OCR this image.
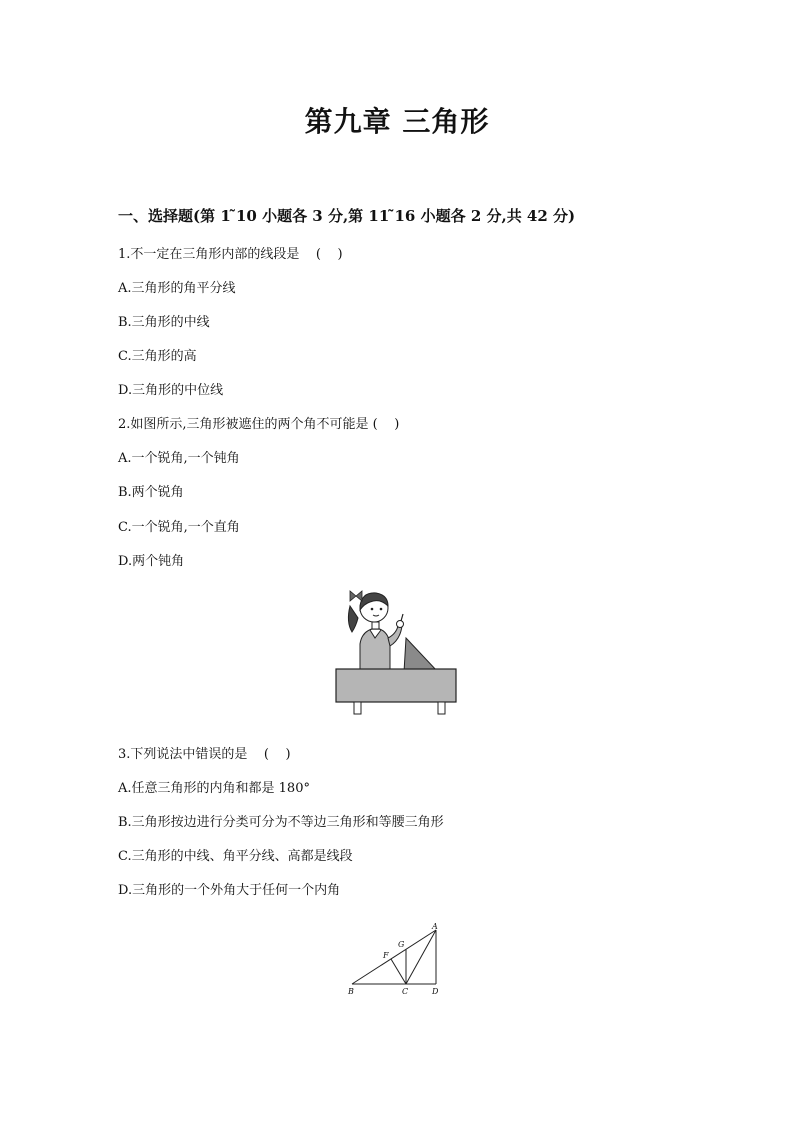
第九章 三角形
一、选择题(第 1 ̃10 小题各 3 分,第 11 ̃16 小题各 2 分,共 42 分)
1.不一定在三角形内部的线段是    (    )
A.三角形的角平分线
B.三角形的中线
C.三角形的高
D.三角形的中位线
2.如图所示,三角形被遮住的两个角不可能是 (    )
A.一个锐角,一个钝角
B.两个锐角
C.一个锐角,一个直角
D.两个钝角
3.下列说法中错误的是    (    )
A.任意三角形的内角和都是 180°
B.三角形按边进行分类可分为不等边三角形和等腰三角形
C.三角形的中线、角平分线、高都是线段
D.三角形的一个外角大于任何一个内角
A
B	C	D
F
G
